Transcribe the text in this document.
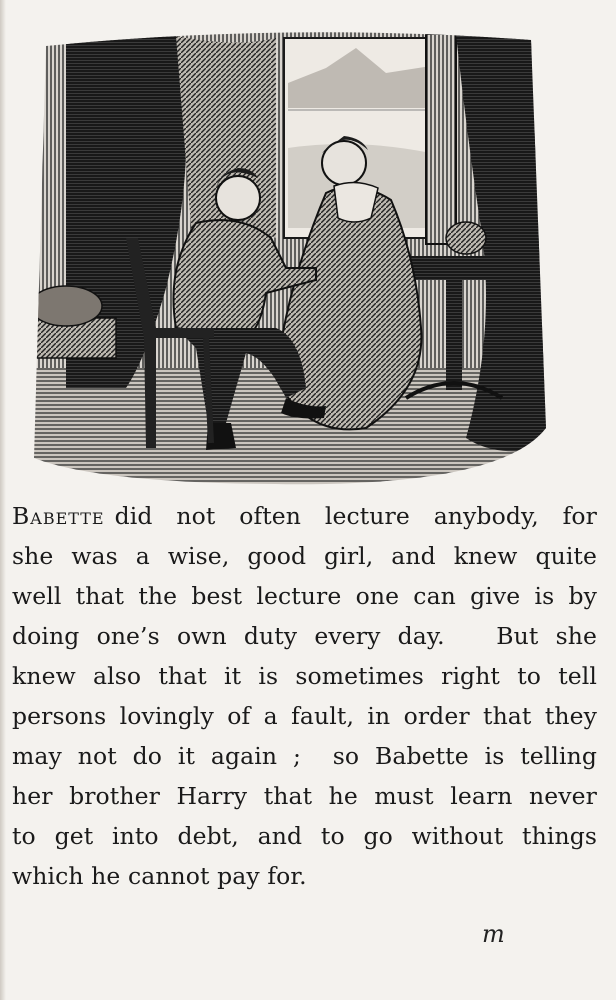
Babette did not often lecture anybody, for
she was a wise, good girl, and knew quite
well that the best lecture one can give is by
doing one’s own duty every day.   But she
knew also that it is sometimes right to tell
persons lovingly of a fault, in order that they
may not do it again ;  so Babette is telling
her brother Harry that he must learn never
to get into debt, and to go without things
which he cannot pay for.
m
